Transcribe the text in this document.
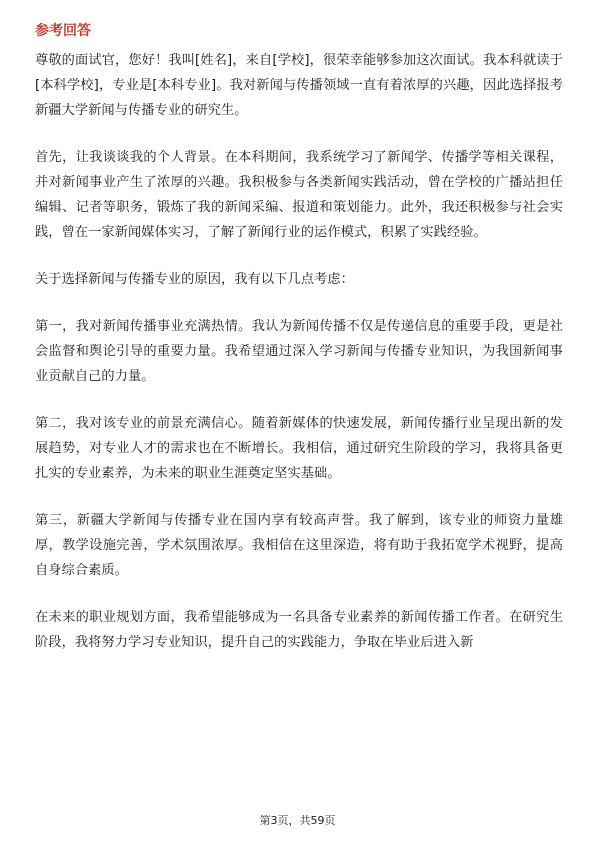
参考回答

尊敬的面试官，您好！我叫[姓名]，来自[学校]，很荣幸能够参加这次面试。我本科就读于[本科学校]，专业是[本科专业]。我对新闻与传播领域一直有着浓厚的兴趣，因此选择报考新疆大学新闻与传播专业的研究生。

首先，让我谈谈我的个人背景。在本科期间，我系统学习了新闻学、传播学等相关课程，并对新闻事业产生了浓厚的兴趣。我积极参与各类新闻实践活动，曾在学校的广播站担任编辑、记者等职务，锻炼了我的新闻采编、报道和策划能力。此外，我还积极参与社会实践，曾在一家新闻媒体实习，了解了新闻行业的运作模式，积累了实践经验。

关于选择新闻与传播专业的原因，我有以下几点考虑：

第一，我对新闻传播事业充满热情。我认为新闻传播不仅是传递信息的重要手段，更是社会监督和舆论引导的重要力量。我希望通过深入学习新闻与传播专业知识，为我国新闻事业贡献自己的力量。

第二，我对该专业的前景充满信心。随着新媒体的快速发展，新闻传播行业呈现出新的发展趋势，对专业人才的需求也在不断增长。我相信，通过研究生阶段的学习，我将具备更扎实的专业素养，为未来的职业生涯奠定坚实基础。

第三，新疆大学新闻与传播专业在国内享有较高声誉。我了解到，该专业的师资力量雄厚，教学设施完善，学术氛围浓厚。我相信在这里深造，将有助于我拓宽学术视野，提高自身综合素质。

在未来的职业规划方面，我希望能够成为一名具备专业素养的新闻传播工作者。在研究生阶段，我将努力学习专业知识，提升自己的实践能力，争取在毕业后进入新

第3页，共59页
